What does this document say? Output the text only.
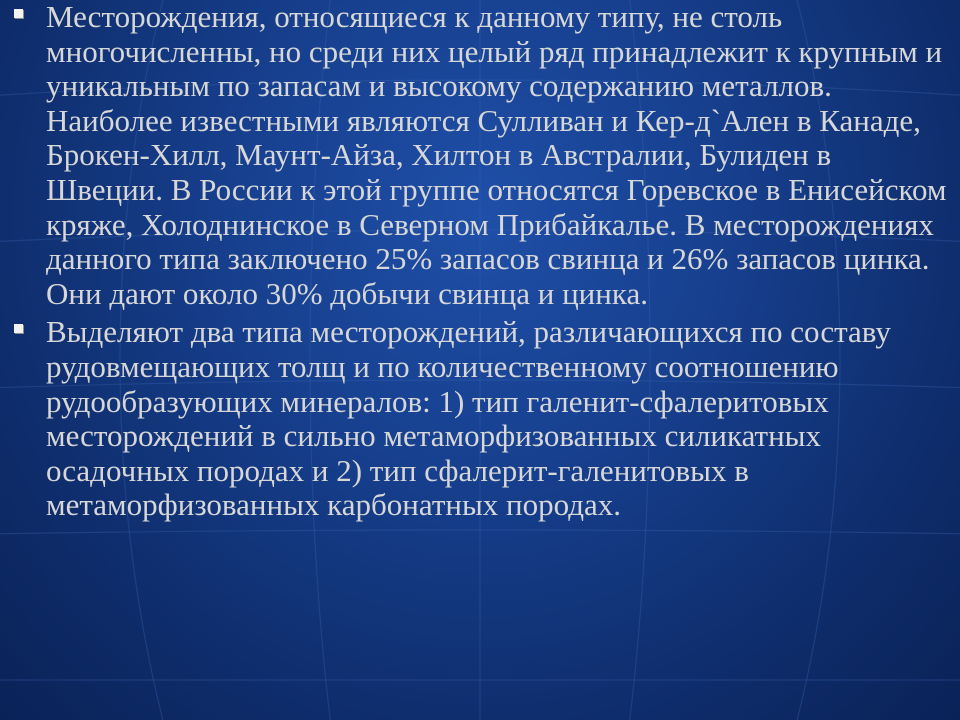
Месторождения, относящиеся к данному типу, не столь многочисленны, но среди них целый ряд принадлежит к крупным и уникальным по запасам и высокому содержанию металлов. Наиболее известными являются Сулливан и Кер-д`Ален в Канаде, Брокен-Хилл, Маунт-Айза, Хилтон в Австралии, Булиден в Швеции. В России к этой группе относятся Горевское в Енисейском кряже, Холоднинское в Северном Прибайкалье. В месторождениях данного типа заключено 25% запасов свинца и 26% запасов цинка. Они дают около 30% добычи свинца и цинка.
Выделяют два типа месторождений, различающихся по составу рудовмещающих толщ и по количественному соотношению рудообразующих минералов: 1) тип галенит-сфалеритовых месторождений в сильно метаморфизованных силикатных осадочных породах и 2) тип сфалерит-галенитовых в метаморфизованных карбонатных породах.
